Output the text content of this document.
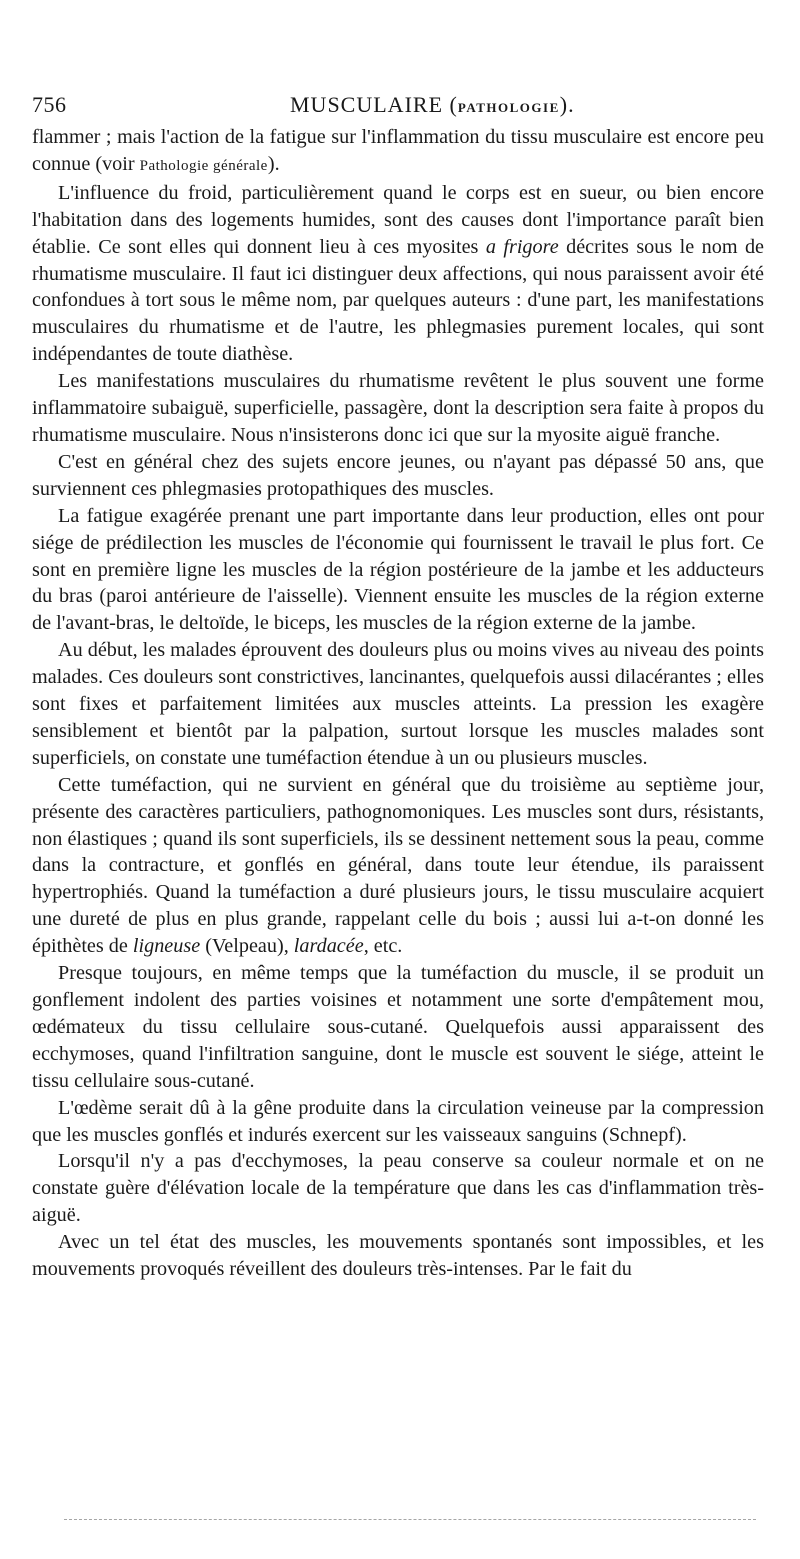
756	MUSCULAIRE (PATHOLOGIE).

flammer ; mais l'action de la fatigue sur l'inflammation du tissu musculaire est encore peu connue (voir Pathologie générale).

L'influence du froid, particulièrement quand le corps est en sueur, ou bien encore l'habitation dans des logements humides, sont des causes dont l'importance paraît bien établie. Ce sont elles qui donnent lieu à ces myosites a frigore décrites sous le nom de rhumatisme musculaire. Il faut ici distinguer deux affections, qui nous paraissent avoir été confondues à tort sous le même nom, par quelques auteurs : d'une part, les manifestations musculaires du rhumatisme et de l'autre, les phlegmasies purement locales, qui sont indépendantes de toute diathèse.

Les manifestations musculaires du rhumatisme revêtent le plus souvent une forme inflammatoire subaiguë, superficielle, passagère, dont la description sera faite à propos du rhumatisme musculaire. Nous n'insisterons donc ici que sur la myosite aiguë franche.

C'est en général chez des sujets encore jeunes, ou n'ayant pas dépassé 50 ans, que surviennent ces phlegmasies protopathiques des muscles.

La fatigue exagérée prenant une part importante dans leur production, elles ont pour siége de prédilection les muscles de l'économie qui fournissent le travail le plus fort. Ce sont en première ligne les muscles de la région postérieure de la jambe et les adducteurs du bras (paroi antérieure de l'aisselle). Viennent ensuite les muscles de la région externe de l'avant-bras, le deltoïde, le biceps, les muscles de la région externe de la jambe.

Au début, les malades éprouvent des douleurs plus ou moins vives au niveau des points malades. Ces douleurs sont constrictives, lancinantes, quelquefois aussi dilacérantes ; elles sont fixes et parfaitement limitées aux muscles atteints. La pression les exagère sensiblement et bientôt par la palpation, surtout lorsque les muscles malades sont superficiels, on constate une tuméfaction étendue à un ou plusieurs muscles.

Cette tuméfaction, qui ne survient en général que du troisième au septième jour, présente des caractères particuliers, pathognomoniques. Les muscles sont durs, résistants, non élastiques ; quand ils sont superficiels, ils se dessinent nettement sous la peau, comme dans la contracture, et gonflés en général, dans toute leur étendue, ils paraissent hypertrophiés. Quand la tuméfaction a duré plusieurs jours, le tissu musculaire acquiert une dureté de plus en plus grande, rappelant celle du bois ; aussi lui a-t-on donné les épithètes de ligneuse (Velpeau), lardacée, etc.

Presque toujours, en même temps que la tuméfaction du muscle, il se produit un gonflement indolent des parties voisines et notamment une sorte d'empâtement mou, œdémateux du tissu cellulaire sous-cutané. Quelquefois aussi apparaissent des ecchymoses, quand l'infiltration sanguine, dont le muscle est souvent le siége, atteint le tissu cellulaire sous-cutané.

L'œdème serait dû à la gêne produite dans la circulation veineuse par la compression que les muscles gonflés et indurés exercent sur les vaisseaux sanguins (Schnepf).

Lorsqu'il n'y a pas d'ecchymoses, la peau conserve sa couleur normale et on ne constate guère d'élévation locale de la température que dans les cas d'inflammation très-aiguë.

Avec un tel état des muscles, les mouvements spontanés sont impossibles, et les mouvements provoqués réveillent des douleurs très-intenses. Par le fait du
